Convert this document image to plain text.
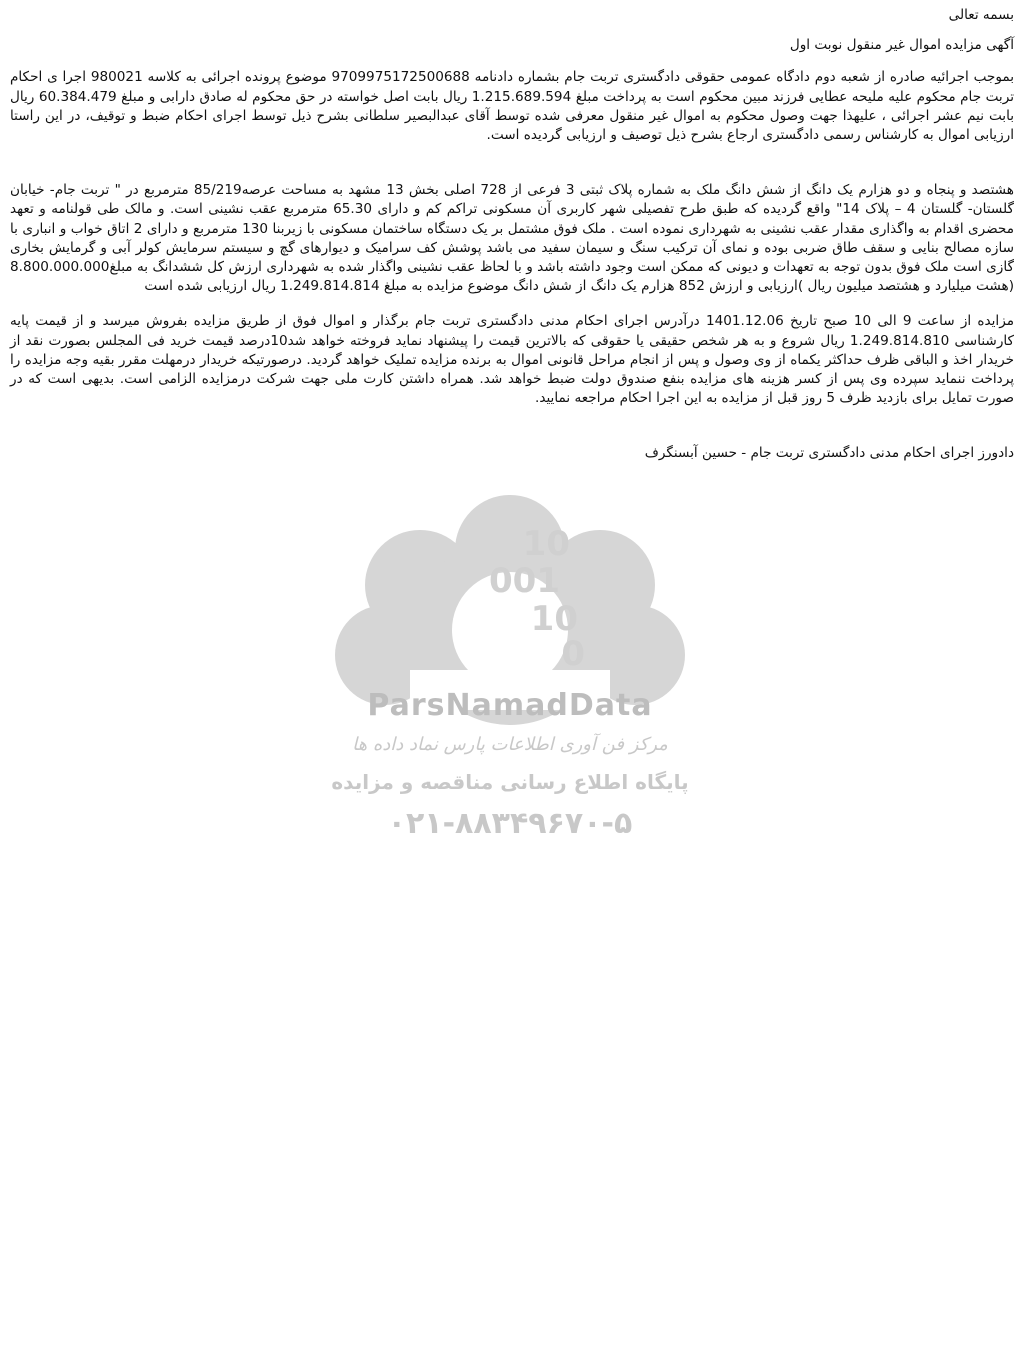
10
001
10
0
ParsNamadData
مرکز فن آوری اطلاعات پارس نماد داده ها
پایگاه اطلاع رسانی مناقصه و مزایده
۰۲۱-۸۸۳۴۹۶۷۰-۵

بسمه تعالی

آگهی مزایده اموال غیر منقول نوبت اول

بموجب اجرائیه صادره از شعبه دوم دادگاه عمومی حقوقی دادگستری تربت جام بشماره دادنامه 9709975172500688 موضوع پرونده اجرائی به کلاسه 980021 اجرا ی احکام تربت جام محکوم علیه ملیحه عطایی فرزند مبین محکوم است به پرداخت مبلغ 1.215.689.594 ریال بابت اصل خواسته در حق محکوم له صادق دارابی و مبلغ 60.384.479 ریال بابت نیم عشر اجرائی ، علیهذا جهت وصول محکوم به اموال غیر منقول معرفی شده توسط آقای عبدالبصیر سلطانی بشرح ذیل توسط اجرای احکام ضبط و توقیف، در این راستا ارزیابی اموال به کارشناس رسمی دادگستری ارجاع بشرح ذیل توصیف و ارزیابی گردیده است.

هشتصد و پنجاه و دو هزارم یک دانگ از شش دانگ ملک به شماره پلاک ثبتی 3 فرعی از 728 اصلی بخش 13 مشهد به مساحت عرصه85/219 مترمربع در " تربت جام- خیابان گلستان- گلستان 4 – پلاک 14" واقع گردیده که طبق طرح تفصیلی شهر کاربری آن مسکونی تراکم کم و دارای 65.30 مترمربع عقب نشینی است. و مالک طی قولنامه و تعهد محضری اقدام به واگذاری مقدار عقب نشینی به شهرداری نموده است . ملک فوق مشتمل بر یک دستگاه ساختمان مسکونی با زیربنا 130 مترمربع و دارای 2 اتاق خواب و انباری با سازه مصالح بنایی و سقف طاق ضربی بوده و نمای آن ترکیب سنگ و سیمان سفید می باشد پوشش کف سرامیک و دیوارهای گچ و سیستم سرمایش کولر آبی و گرمایش بخاری گازی است ملک فوق بدون توجه به تعهدات و دیونی که ممکن است وجود داشته باشد و با لحاظ عقب نشینی واگذار شده به شهرداری ارزش کل ششدانگ به مبلغ8.800.000.000 (هشت میلیارد و هشتصد میلیون ریال )ارزیابی و ارزش 852 هزارم یک دانگ از شش دانگ موضوع مزایده به مبلغ 1.249.814.814 ریال ارزیابی شده است

مزایده از ساعت 9 الی 10 صبح تاریخ 1401.12.06 درآدرس اجرای احکام مدنی دادگستری تربت جام برگذار و اموال فوق از طریق مزایده بفروش میرسد و از قیمت پایه کارشناسی 1.249.814.810 ریال شروع و به هر شخص حقیقی یا حقوقی که بالاترین قیمت را پیشنهاد نماید فروخته خواهد شد10درصد قیمت خرید فی المجلس بصورت نقد از خریدار اخذ و الباقی ظرف حداکثر یکماه از وی وصول و پس از انجام مراحل قانونی اموال به برنده مزایده تملیک خواهد گردید. درصورتیکه خریدار درمهلت مقرر بقیه وجه مزایده را پرداخت ننماید سپرده وی پس از کسر هزینه های مزایده بنفع صندوق دولت ضبط خواهد شد. همراه داشتن کارت ملی جهت شرکت درمزایده الزامی است. بدیهی است که در صورت تمایل برای بازدید ظرف 5 روز قبل از مزایده به این اجرا احکام مراجعه نمایید.

دادورز اجرای احکام مدنی دادگستری تربت جام - حسین آبسنگرف
